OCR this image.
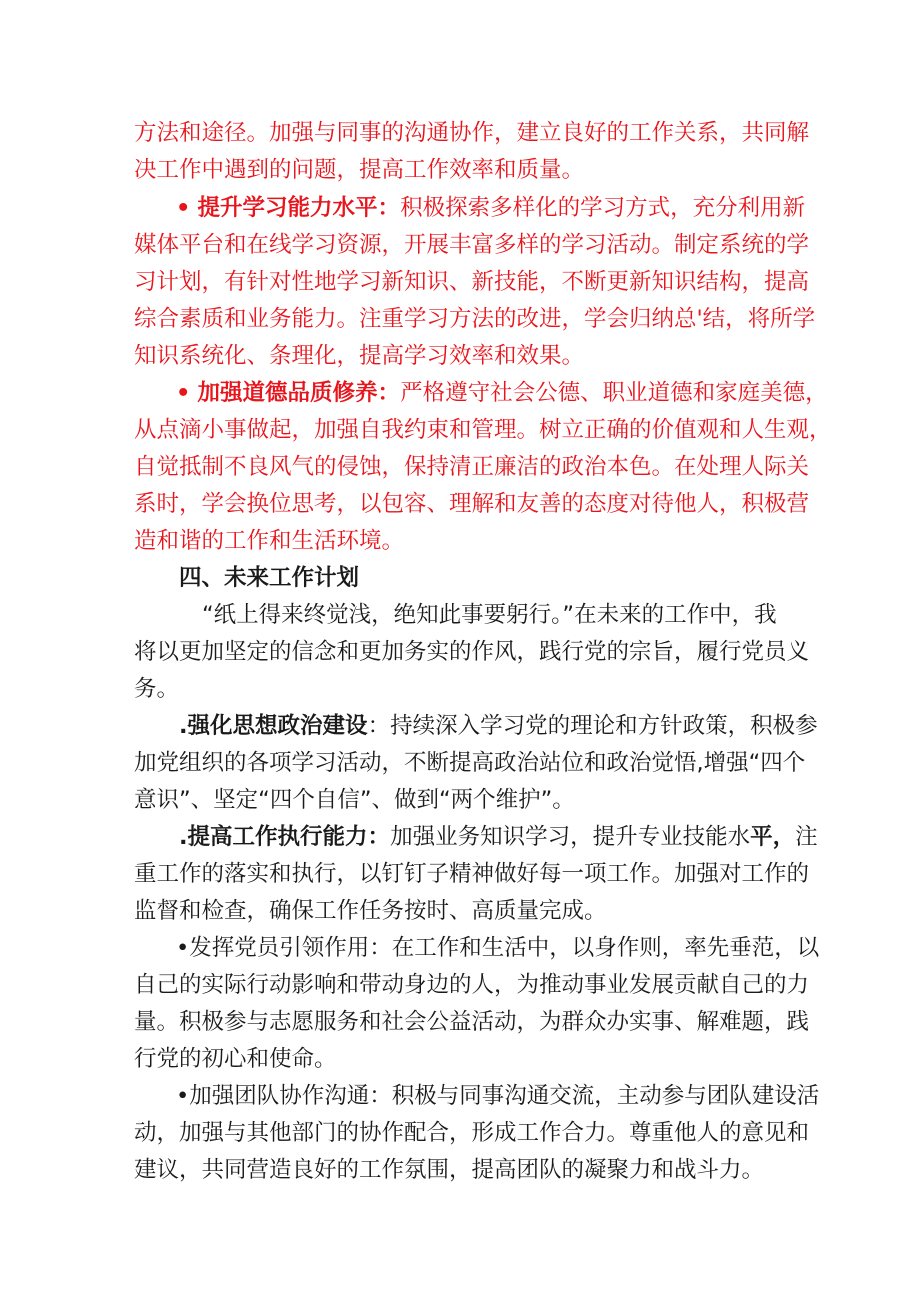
方法和途径。加强与同事的沟通协作，建立良好的工作关系，共同解
决工作中遇到的问题，提高工作效率和质量。
• 提升学习能力水平：积极探索多样化的学习方式，充分利用新
媒体平台和在线学习资源，开展丰富多样的学习活动。制定系统的学
习计划，有针对性地学习新知识、新技能，不断更新知识结构，提高
综合素质和业务能力。注重学习方法的改进，学会归纳总'结，将所学
知识系统化、条理化，提高学习效率和效果。
• 加强道德品质修养：严格遵守社会公德、职业道德和家庭美德，
从点滴小事做起，加强自我约束和管理。树立正确的价值观和人生观，
自觉抵制不良风气的侵蚀，保持清正廉洁的政治本色。在处理人际关
系时，学会换位思考，以包容、理解和友善的态度对待他人，积极营
造和谐的工作和生活环境。
四、未来工作计划
“纸上得来终觉浅，绝知此事要躬行。”在未来的工作中，我
将以更加坚定的信念和更加务实的作风，践行党的宗旨，履行党员义
务。
.强化思想政治建设：持续深入学习党的理论和方针政策，积极参
加党组织的各项学习活动，不断提高政治站位和政治觉悟,增强“四个
意识”、坚定“四个自信”、做到“两个维护”。
.提高工作执行能力：加强业务知识学习，提升专业技能水平，注
重工作的落实和执行，以钉钉子精神做好每一项工作。加强对工作的
监督和检查，确保工作任务按时、高质量完成。
•发挥党员引领作用：在工作和生活中，以身作则，率先垂范，以
自己的实际行动影响和带动身边的人，为推动事业发展贡献自己的力
量。积极参与志愿服务和社会公益活动，为群众办实事、解难题，践
行党的初心和使命。
•加强团队协作沟通：积极与同事沟通交流，主动参与团队建设活
动，加强与其他部门的协作配合，形成工作合力。尊重他人的意见和
建议，共同营造良好的工作氛围，提高团队的凝聚力和战斗力。
